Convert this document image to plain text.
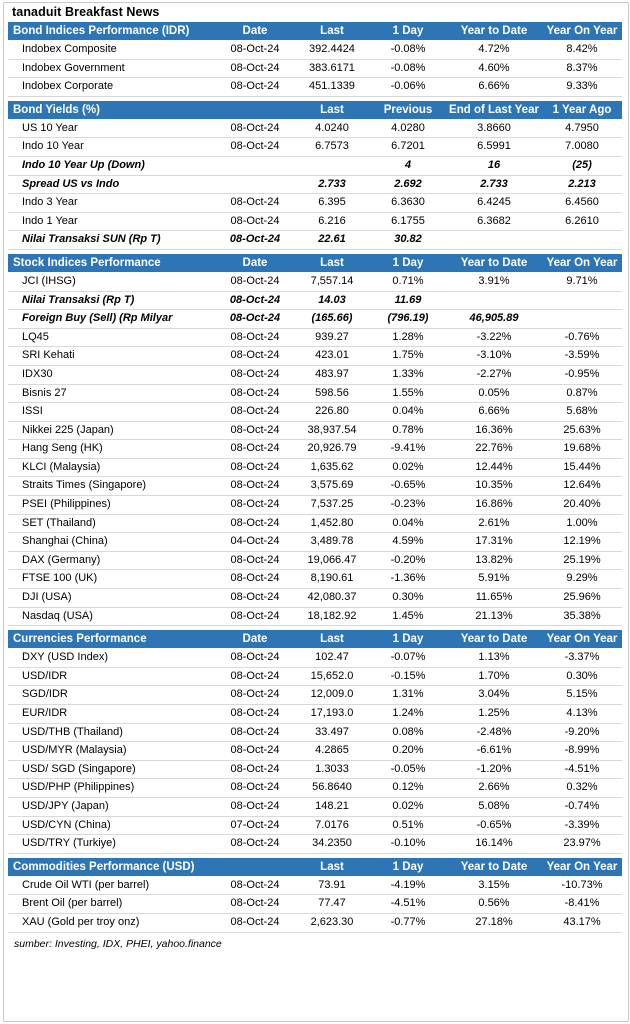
tanaduit Breakfast News
Bond Indices Performance (IDR)	Date	Last	1 Day	Year to Date	Year On Year
Indobex Composite	08-Oct-24	392.4424	-0.08%	4.72%	8.42%
Indobex Government	08-Oct-24	383.6171	-0.08%	4.60%	8.37%
Indobex Corporate	08-Oct-24	451.1339	-0.06%	6.66%	9.33%

Bond Yields (%)		Last	Previous	End of Last Year	1 Year Ago
US 10 Year	08-Oct-24	4.0240	4.0280	3.8660	4.7950
Indo 10 Year	08-Oct-24	6.7573	6.7201	6.5991	7.0080
Indo 10 Year Up (Down)			4	16	(25)
Spread US vs Indo		2.733	2.692	2.733	2.213
Indo 3 Year	08-Oct-24	6.395	6.3630	6.4245	6.4560
Indo 1 Year	08-Oct-24	6.216	6.1755	6.3682	6.2610
Nilai Transaksi SUN (Rp T)	08-Oct-24	22.61	30.82		

Stock Indices Performance	Date	Last	1 Day	Year to Date	Year On Year
JCI (IHSG)	08-Oct-24	7,557.14	0.71%	3.91%	9.71%
Nilai Transaksi (Rp T)	08-Oct-24	14.03	11.69		
Foreign Buy (Sell) (Rp Milyar	08-Oct-24	(165.66)	(796.19)	46,905.89	
LQ45	08-Oct-24	939.27	1.28%	-3.22%	-0.76%
SRI Kehati	08-Oct-24	423.01	1.75%	-3.10%	-3.59%
IDX30	08-Oct-24	483.97	1.33%	-2.27%	-0.95%
Bisnis 27	08-Oct-24	598.56	1.55%	0.05%	0.87%
ISSI	08-Oct-24	226.80	0.04%	6.66%	5.68%
Nikkei 225 (Japan)	08-Oct-24	38,937.54	0.78%	16.36%	25.63%
Hang Seng (HK)	08-Oct-24	20,926.79	-9.41%	22.76%	19.68%
KLCI (Malaysia)	08-Oct-24	1,635.62	0.02%	12.44%	15.44%
Straits Times (Singapore)	08-Oct-24	3,575.69	-0.65%	10.35%	12.64%
PSEI (Philippines)	08-Oct-24	7,537.25	-0.23%	16.86%	20.40%
SET (Thailand)	08-Oct-24	1,452.80	0.04%	2.61%	1.00%
Shanghai (China)	04-Oct-24	3,489.78	4.59%	17.31%	12.19%
DAX (Germany)	08-Oct-24	19,066.47	-0.20%	13.82%	25.19%
FTSE 100 (UK)	08-Oct-24	8,190.61	-1.36%	5.91%	9.29%
DJI (USA)	08-Oct-24	42,080.37	0.30%	11.65%	25.96%
Nasdaq (USA)	08-Oct-24	18,182.92	1.45%	21.13%	35.38%

Currencies Performance	Date	Last	1 Day	Year to Date	Year On Year
DXY (USD Index)	08-Oct-24	102.47	-0.07%	1.13%	-3.37%
USD/IDR	08-Oct-24	15,652.0	-0.15%	1.70%	0.30%
SGD/IDR	08-Oct-24	12,009.0	1.31%	3.04%	5.15%
EUR/IDR	08-Oct-24	17,193.0	1.24%	1.25%	4.13%
USD/THB (Thailand)	08-Oct-24	33.497	0.08%	-2.48%	-9.20%
USD/MYR (Malaysia)	08-Oct-24	4.2865	0.20%	-6.61%	-8.99%
USD/ SGD (Singapore)	08-Oct-24	1.3033	-0.05%	-1.20%	-4.51%
USD/PHP (Philippines)	08-Oct-24	56.8640	0.12%	2.66%	0.32%
USD/JPY (Japan)	08-Oct-24	148.21	0.02%	5.08%	-0.74%
USD/CYN (China)	07-Oct-24	7.0176	0.51%	-0.65%	-3.39%
USD/TRY (Turkiye)	08-Oct-24	34.2350	-0.10%	16.14%	23.97%

Commodities Performance (USD)		Last	1 Day	Year to Date	Year On Year
Crude Oil WTI (per barrel)	08-Oct-24	73.91	-4.19%	3.15%	-10.73%
Brent Oil (per barrel)	08-Oct-24	77.47	-4.51%	0.56%	-8.41%
XAU (Gold per troy onz)	08-Oct-24	2,623.30	-0.77%	27.18%	43.17%
sumber: Investing, IDX, PHEI, yahoo.finance
